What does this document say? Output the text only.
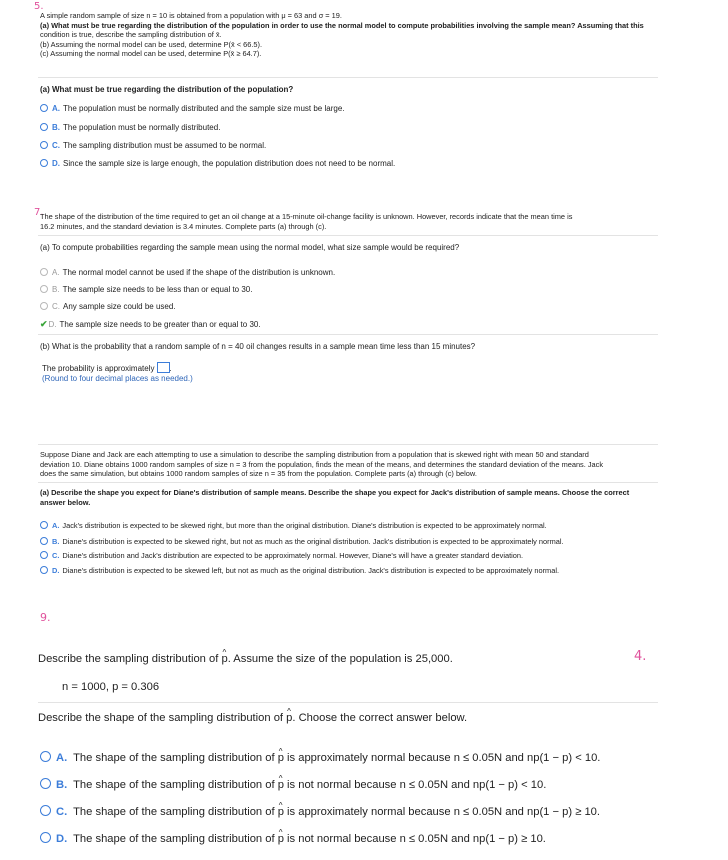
5.
A simple random sample of size n = 10 is obtained from a population with μ = 63 and σ = 19.
(a) What must be true regarding the distribution of the population in order to use the normal model to compute probabilities involving the sample mean? Assuming that this
condition is true, describe the sampling distribution of x̄.
(b) Assuming the normal model can be used, determine P(x̄ < 66.5).
(c) Assuming the normal model can be used, determine P(x̄ ≥ 64.7).
(a) What must be true regarding the distribution of the population?
A. The population must be normally distributed and the sample size must be large.
B. The population must be normally distributed.
C. The sampling distribution must be assumed to be normal.
D. Since the sample size is large enough, the population distribution does not need to be normal.
7.
The shape of the distribution of the time required to get an oil change at a 15-minute oil-change facility is unknown. However, records indicate that the mean time is
16.2 minutes, and the standard deviation is 3.4 minutes. Complete parts (a) through (c).
(a) To compute probabilities regarding the sample mean using the normal model, what size sample would be required?
A. The normal model cannot be used if the shape of the distribution is unknown.
B. The sample size needs to be less than or equal to 30.
C. Any sample size could be used.
✔D. The sample size needs to be greater than or equal to 30.
(b) What is the probability that a random sample of n = 40 oil changes results in a sample mean time less than 15 minutes?
The probability is approximately .
(Round to four decimal places as needed.)
Suppose Diane and Jack are each attempting to use a simulation to describe the sampling distribution from a population that is skewed right with mean 50 and standard
deviation 10. Diane obtains 1000 random samples of size n = 3 from the population, finds the mean of the means, and determines the standard deviation of the means. Jack
does the same simulation, but obtains 1000 random samples of size n = 35 from the population. Complete parts (a) through (c) below.
(a) Describe the shape you expect for Diane's distribution of sample means. Describe the shape you expect for Jack's distribution of sample means. Choose the correct
answer below.
A. Jack's distribution is expected to be skewed right, but more than the original distribution. Diane's distribution is expected to be approximately normal.
B. Diane's distribution is expected to be skewed right, but not as much as the original distribution. Jack's distribution is expected to be approximately normal.
C. Diane's distribution and Jack's distribution are expected to be approximately normal. However, Diane's will have a greater standard deviation.
D. Diane's distribution is expected to be skewed left, but not as much as the original distribution. Jack's distribution is expected to be approximately normal.
9.
4.
Describe the sampling distribution of ^ p. Assume the size of the population is 25,000.
n = 1000, p = 0.306
Describe the shape of the sampling distribution of ^ p. Choose the correct answer below.
A. The shape of the sampling distribution of ^ p is approximately normal because n ≤ 0.05N and np(1 − p) < 10.
B. The shape of the sampling distribution of ^ p is not normal because n ≤ 0.05N and np(1 − p) < 10.
C. The shape of the sampling distribution of ^ p is approximately normal because n ≤ 0.05N and np(1 − p) ≥ 10.
D. The shape of the sampling distribution of ^ p is not normal because n ≤ 0.05N and np(1 − p) ≥ 10.
